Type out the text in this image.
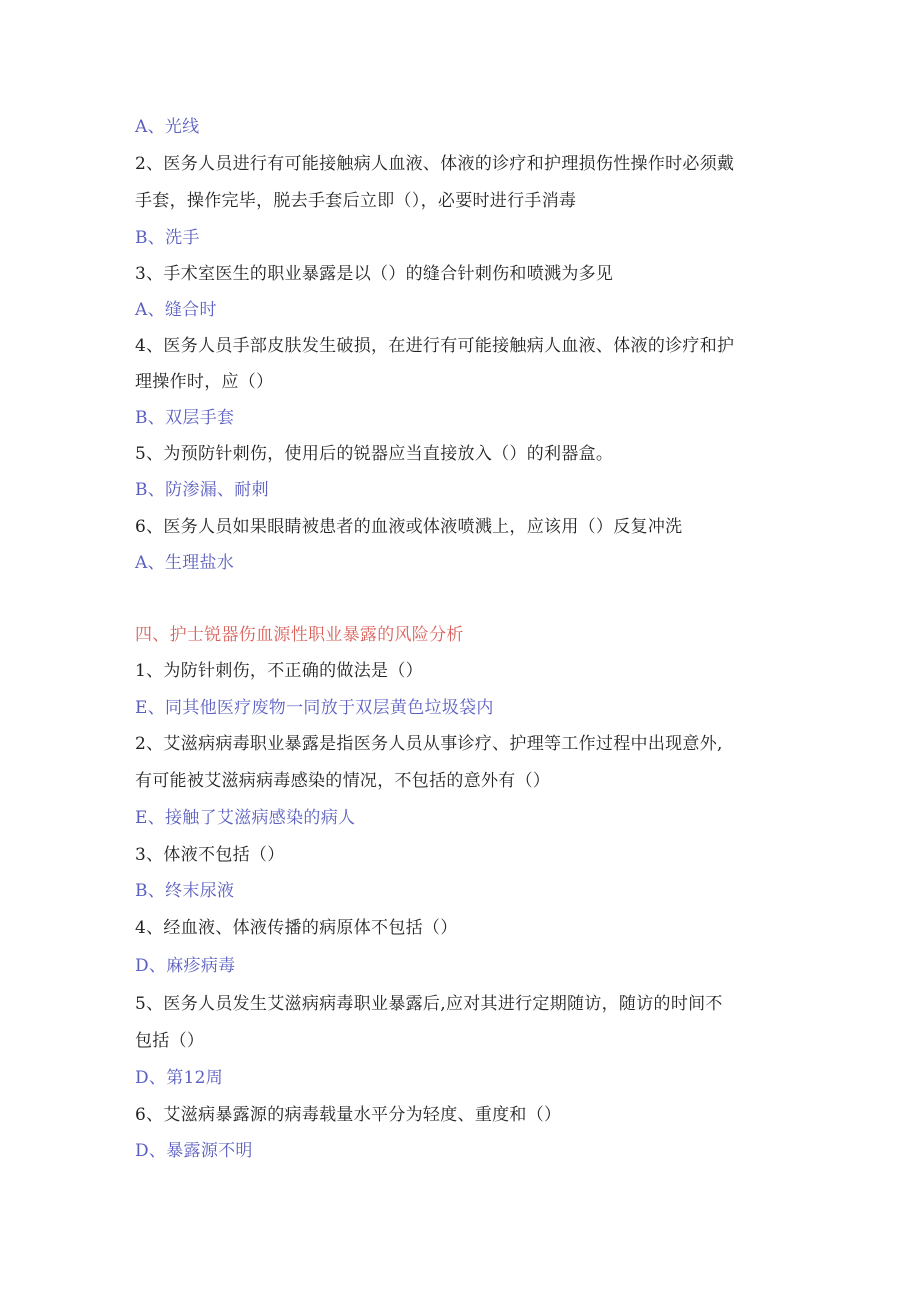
A、光线
2、医务人员进行有可能接触病人血液、体液的诊疗和护理损伤性操作时必须戴
手套，操作完毕，脱去手套后立即（），必要时进行手消毒
B、洗手
3、手术室医生的职业暴露是以（）的缝合针刺伤和喷溅为多见
A、缝合时
4、医务人员手部皮肤发生破损，在进行有可能接触病人血液、体液的诊疗和护
理操作时，应（）
B、双层手套
5、为预防针刺伤，使用后的锐器应当直接放入（）的利器盒。
B、防渗漏、耐刺
6、医务人员如果眼睛被患者的血液或体液喷溅上，应该用（）反复冲洗
A、生理盐水
四、护士锐器伤血源性职业暴露的风险分析
1、为防针刺伤，不正确的做法是（）
E、同其他医疗废物一同放于双层黄色垃圾袋内
2、艾滋病病毒职业暴露是指医务人员从事诊疗、护理等工作过程中出现意外,
有可能被艾滋病病毒感染的情况，不包括的意外有（）
E、接触了艾滋病感染的病人
3、体液不包括（）
B、终末尿液
4、经血液、体液传播的病原体不包括（）
D、麻疹病毒
5、医务人员发生艾滋病病毒职业暴露后,应对其进行定期随访，随访的时间不
包括（）
D、第12周
6、艾滋病暴露源的病毒载量水平分为轻度、重度和（）
D、暴露源不明
